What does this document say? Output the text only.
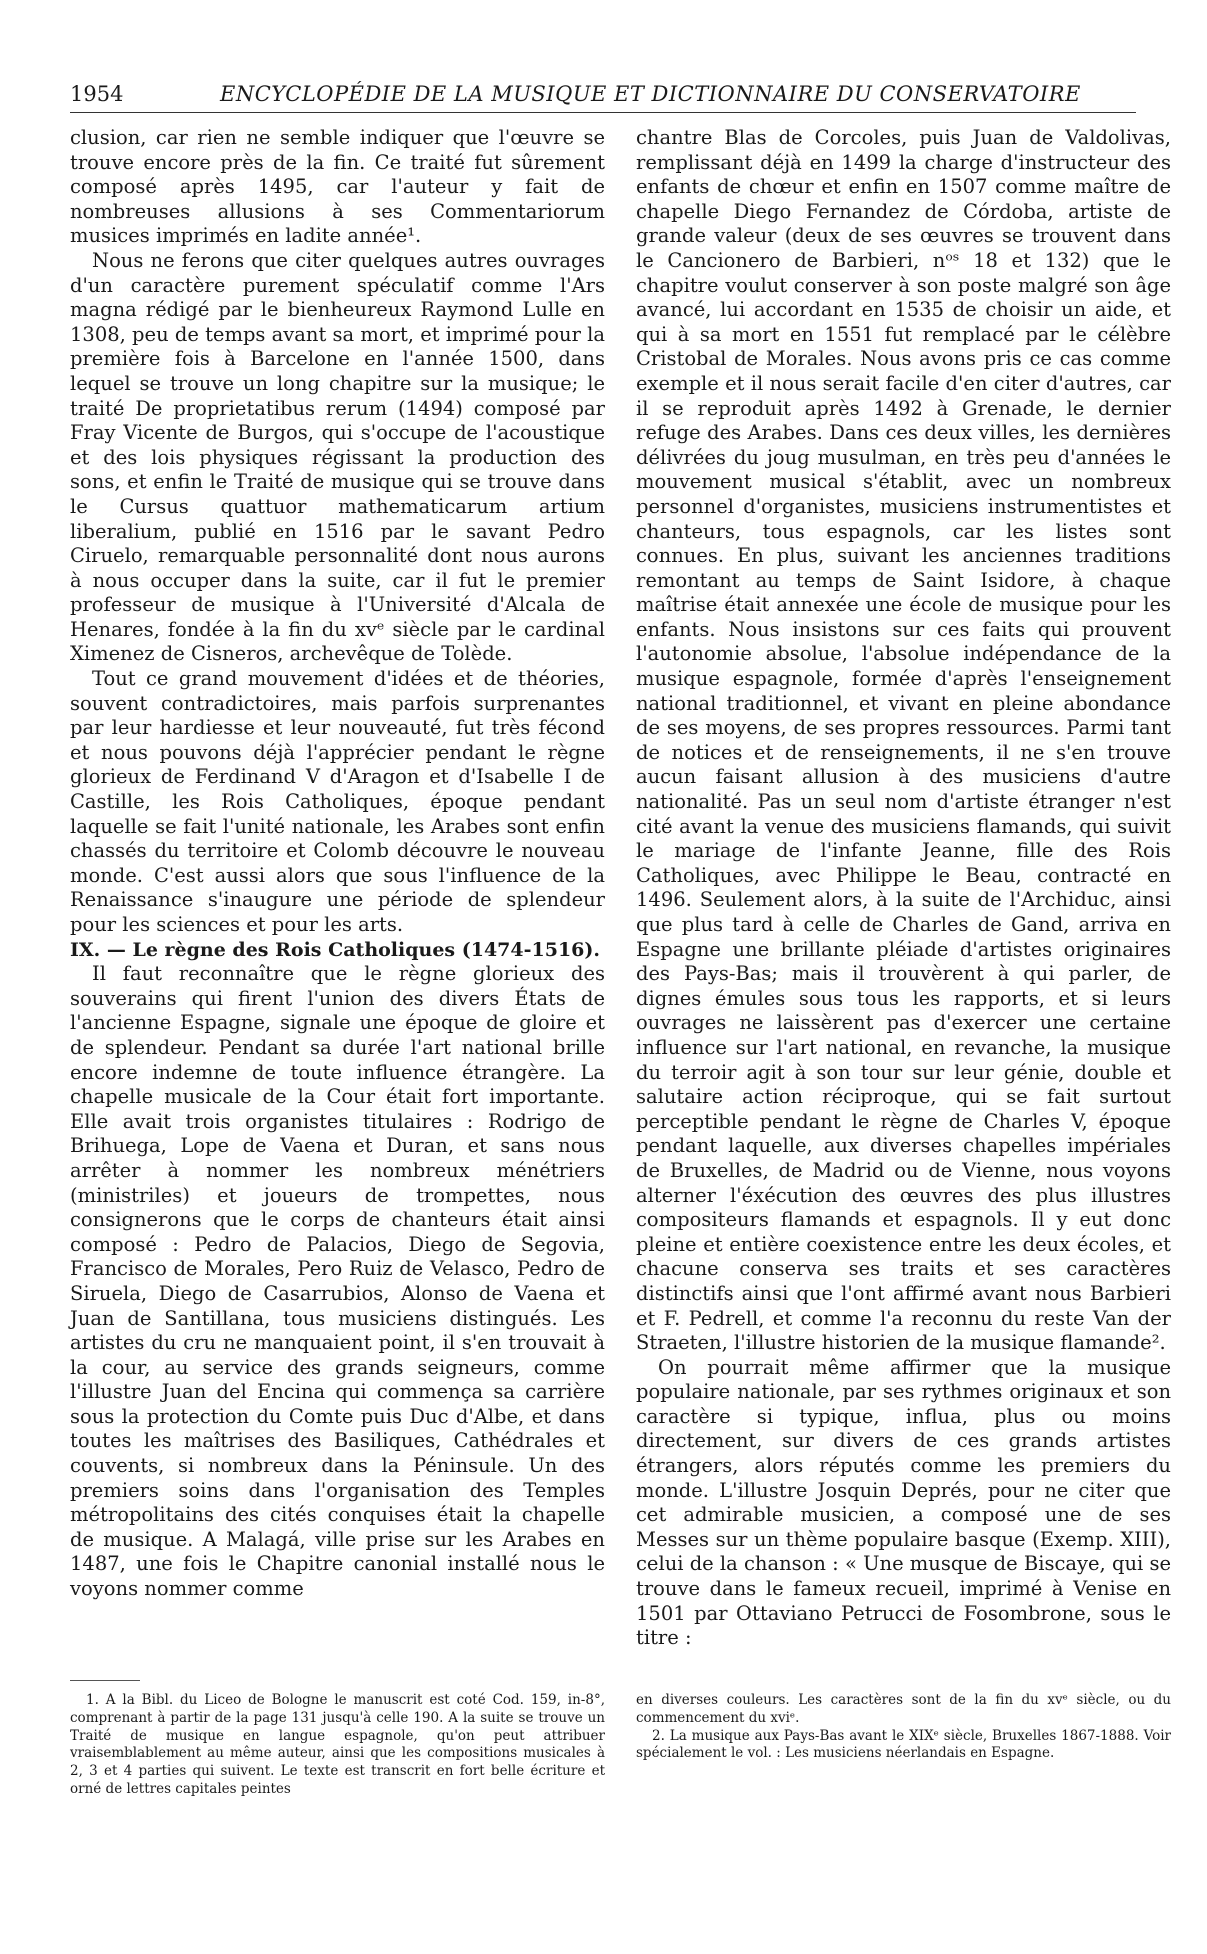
1954	ENCYCLOPÉDIE DE LA MUSIQUE ET DICTIONNAIRE DU CONSERVATOIRE

clusion, car rien ne semble indiquer que l'œuvre se trouve encore près de la fin. Ce traité fut sûrement composé après 1495, car l'auteur y fait de nombreuses allusions à ses Commentariorum musices imprimés en ladite année¹.

Nous ne ferons que citer quelques autres ouvrages d'un caractère purement spéculatif comme l'Ars magna rédigé par le bienheureux Raymond Lulle en 1308, peu de temps avant sa mort, et imprimé pour la première fois à Barcelone en l'année 1500, dans lequel se trouve un long chapitre sur la musique; le traité De proprietatibus rerum (1494) composé par Fray Vicente de Burgos, qui s'occupe de l'acoustique et des lois physiques régissant la production des sons, et enfin le Traité de musique qui se trouve dans le Cursus quattuor mathematicarum artium liberalium, publié en 1516 par le savant Pedro Ciruelo, remarquable personnalité dont nous aurons à nous occuper dans la suite, car il fut le premier professeur de musique à l'Université d'Alcala de Henares, fondée à la fin du xvᵉ siècle par le cardinal Ximenez de Cisneros, archevêque de Tolède.

Tout ce grand mouvement d'idées et de théories, souvent contradictoires, mais parfois surprenantes par leur hardiesse et leur nouveauté, fut très fécond et nous pouvons déjà l'apprécier pendant le règne glorieux de Ferdinand V d'Aragon et d'Isabelle I de Castille, les Rois Catholiques, époque pendant laquelle se fait l'unité nationale, les Arabes sont enfin chassés du territoire et Colomb découvre le nouveau monde. C'est aussi alors que sous l'influence de la Renaissance s'inaugure une période de splendeur pour les sciences et pour les arts.

IX. — Le règne des Rois Catholiques (1474-1516).

Il faut reconnaître que le règne glorieux des souverains qui firent l'union des divers États de l'ancienne Espagne, signale une époque de gloire et de splendeur. Pendant sa durée l'art national brille encore indemne de toute influence étrangère. La chapelle musicale de la Cour était fort importante. Elle avait trois organistes titulaires : Rodrigo de Brihuega, Lope de Vaena et Duran, et sans nous arrêter à nommer les nombreux ménétriers (ministriles) et joueurs de trompettes, nous consignerons que le corps de chanteurs était ainsi composé : Pedro de Palacios, Diego de Segovia, Francisco de Morales, Pero Ruiz de Velasco, Pedro de Siruela, Diego de Casarrubios, Alonso de Vaena et Juan de Santillana, tous musiciens distingués. Les artistes du cru ne manquaient point, il s'en trouvait à la cour, au service des grands seigneurs, comme l'illustre Juan del Encina qui commença sa carrière sous la protection du Comte puis Duc d'Albe, et dans toutes les maîtrises des Basiliques, Cathédrales et couvents, si nombreux dans la Péninsule. Un des premiers soins dans l'organisation des Temples métropolitains des cités conquises était la chapelle de musique. A Malagá, ville prise sur les Arabes en 1487, une fois le Chapitre canonial installé nous le voyons nommer comme

chantre Blas de Corcoles, puis Juan de Valdolivas, remplissant déjà en 1499 la charge d'instructeur des enfants de chœur et enfin en 1507 comme maître de chapelle Diego Fernandez de Córdoba, artiste de grande valeur (deux de ses œuvres se trouvent dans le Cancionero de Barbieri, nᵒˢ 18 et 132) que le chapitre voulut conserver à son poste malgré son âge avancé, lui accordant en 1535 de choisir un aide, et qui à sa mort en 1551 fut remplacé par le célèbre Cristobal de Morales. Nous avons pris ce cas comme exemple et il nous serait facile d'en citer d'autres, car il se reproduit après 1492 à Grenade, le dernier refuge des Arabes. Dans ces deux villes, les dernières délivrées du joug musulman, en très peu d'années le mouvement musical s'établit, avec un nombreux personnel d'organistes, musiciens instrumentistes et chanteurs, tous espagnols, car les listes sont connues. En plus, suivant les anciennes traditions remontant au temps de Saint Isidore, à chaque maîtrise était annexée une école de musique pour les enfants. Nous insistons sur ces faits qui prouvent l'autonomie absolue, l'absolue indépendance de la musique espagnole, formée d'après l'enseignement national traditionnel, et vivant en pleine abondance de ses moyens, de ses propres ressources. Parmi tant de notices et de renseignements, il ne s'en trouve aucun faisant allusion à des musiciens d'autre nationalité. Pas un seul nom d'artiste étranger n'est cité avant la venue des musiciens flamands, qui suivit le mariage de l'infante Jeanne, fille des Rois Catholiques, avec Philippe le Beau, contracté en 1496. Seulement alors, à la suite de l'Archiduc, ainsi que plus tard à celle de Charles de Gand, arriva en Espagne une brillante pléiade d'artistes originaires des Pays-Bas; mais il trouvèrent à qui parler, de dignes émules sous tous les rapports, et si leurs ouvrages ne laissèrent pas d'exercer une certaine influence sur l'art national, en revanche, la musique du terroir agit à son tour sur leur génie, double et salutaire action réciproque, qui se fait surtout perceptible pendant le règne de Charles V, époque pendant laquelle, aux diverses chapelles impériales de Bruxelles, de Madrid ou de Vienne, nous voyons alterner l'éxécution des œuvres des plus illustres compositeurs flamands et espagnols. Il y eut donc pleine et entière coexistence entre les deux écoles, et chacune conserva ses traits et ses caractères distinctifs ainsi que l'ont affirmé avant nous Barbieri et F. Pedrell, et comme l'a reconnu du reste Van der Straeten, l'illustre historien de la musique flamande².

On pourrait même affirmer que la musique populaire nationale, par ses rythmes originaux et son caractère si typique, influa, plus ou moins directement, sur divers de ces grands artistes étrangers, alors réputés comme les premiers du monde. L'illustre Josquin Deprés, pour ne citer que cet admirable musicien, a composé une de ses Messes sur un thème populaire basque (Exemp. XIII), celui de la chanson : « Une musque de Biscaye, qui se trouve dans le fameux recueil, imprimé à Venise en 1501 par Ottaviano Petrucci de Fosombrone, sous le titre :

1. A la Bibl. du Liceo de Bologne le manuscrit est coté Cod. 159, in-8°, comprenant à partir de la page 131 jusqu'à celle 190. A la suite se trouve un Traité de musique en langue espagnole, qu'on peut attribuer vraisemblablement au même auteur, ainsi que les compositions musicales à 2, 3 et 4 parties qui suivent. Le texte est transcrit en fort belle écriture et orné de lettres capitales peintes

en diverses couleurs. Les caractères sont de la fin du xvᵉ siècle, ou du commencement du xviᵉ.

2. La musique aux Pays-Bas avant le XIXᵉ siècle, Bruxelles 1867-1888. Voir spécialement le vol. : Les musiciens néerlandais en Espagne.
